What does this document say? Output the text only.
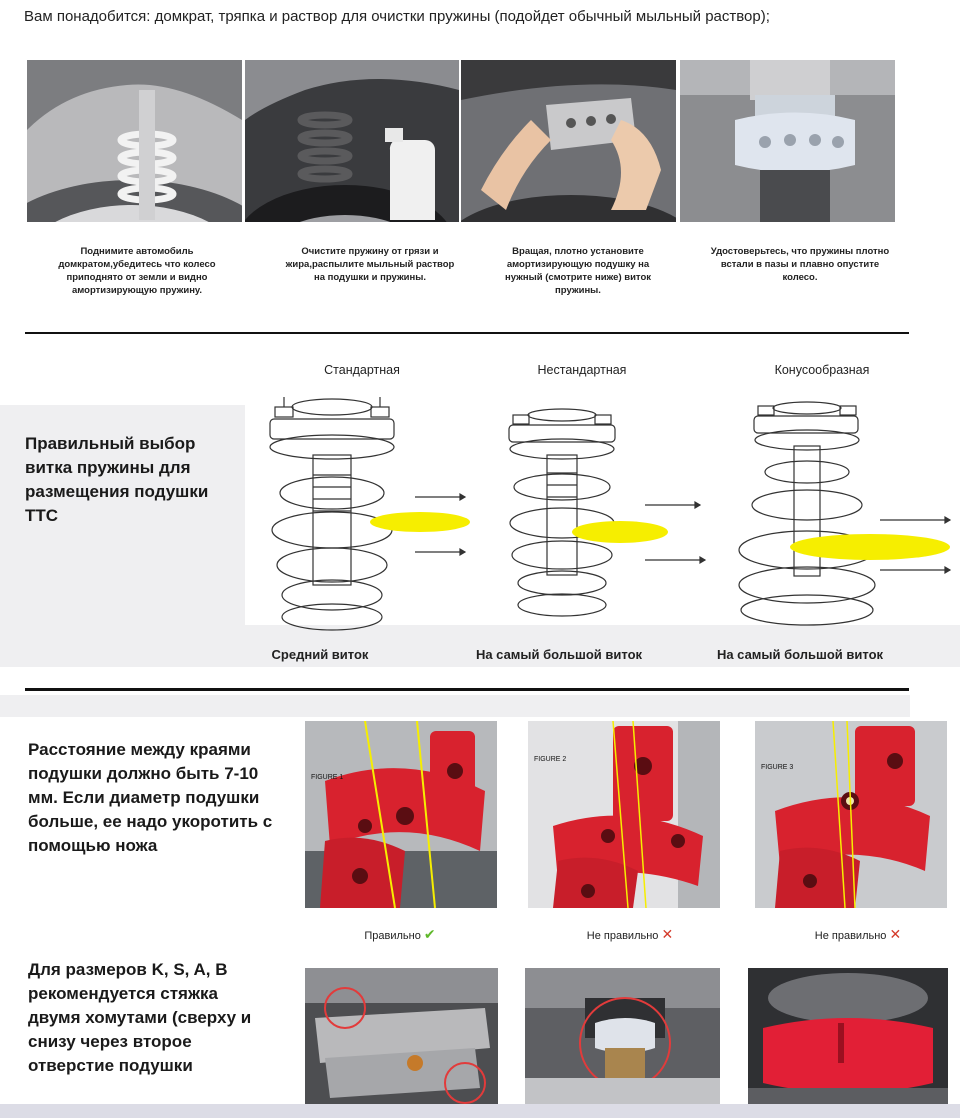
Вам понадобится: домкрат, тряпка и раствор для очистки пружины (подойдет обычный мыльный раствор);
Поднимите автомобиль домкратом,убедитесь что колесо приподнято от земли и видно амортизирующую пружину.
Очистите пружину от грязи и жира,распылите мыльный раствор на подушки и пружины.
Вращая, плотно установите амортизирующую подушку на нужный (смотрите ниже) виток пружины.
Удостоверьтесь, что пружины плотно встали в пазы и плавно опустите колесо.
Правильный выбор витка пружины для размещения подушки ТТС
Стандартная	Нестандартная	Конусообразная
Средний виток	На самый большой виток	На самый большой виток
Расстояние между краями подушки должно быть 7-10 мм. Если диаметр подушки больше, ее надо укоротить с помощью ножа
FIGURE 1
FIGURE 2
FIGURE 3
Правильно ✔	Не правильно ✕	Не правильно ✕
Для размеров K, S, A, B рекомендуется стяжка двумя хомутами (сверху и снизу через второе отверстие подушки
